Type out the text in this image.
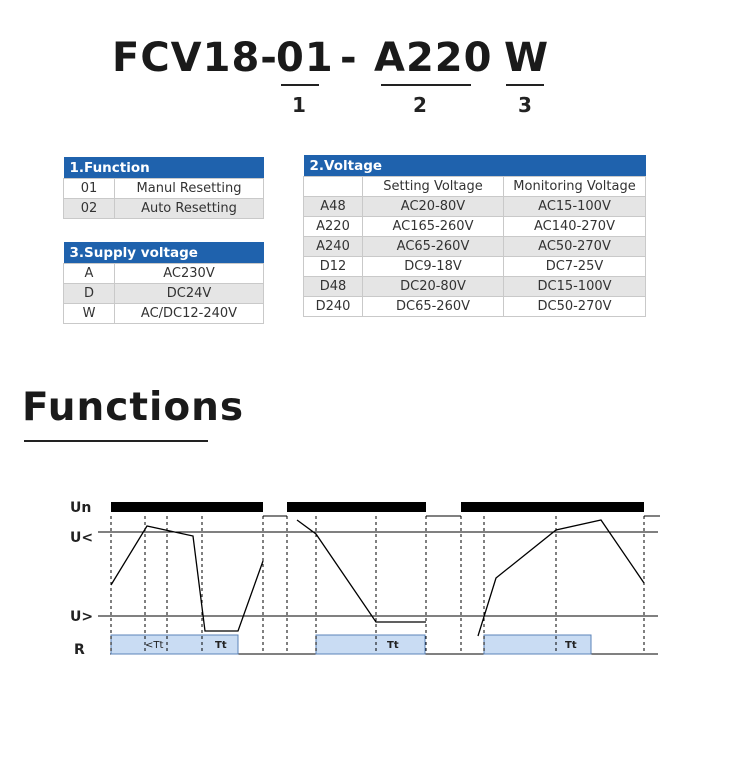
FCV18-
01 - A220 W
1	2	3
1.Function	
01	Manul Resetting
02	Auto Resetting
3.Supply voltage	
A	AC230V
D	DC24V
W	AC/DC12-240V
2.Voltage		
	Setting Voltage	Monitoring Voltage
A48	AC20-80V	AC15-100V
A220	AC165-260V	AC140-270V
A240	AC65-260V	AC50-270V
D12	DC9-18V	DC7-25V
D48	DC20-80V	DC15-100V
D240	DC65-260V	DC50-270V
Functions
Un
U<
U>
R	<Tt	Tt	Tt	Tt
